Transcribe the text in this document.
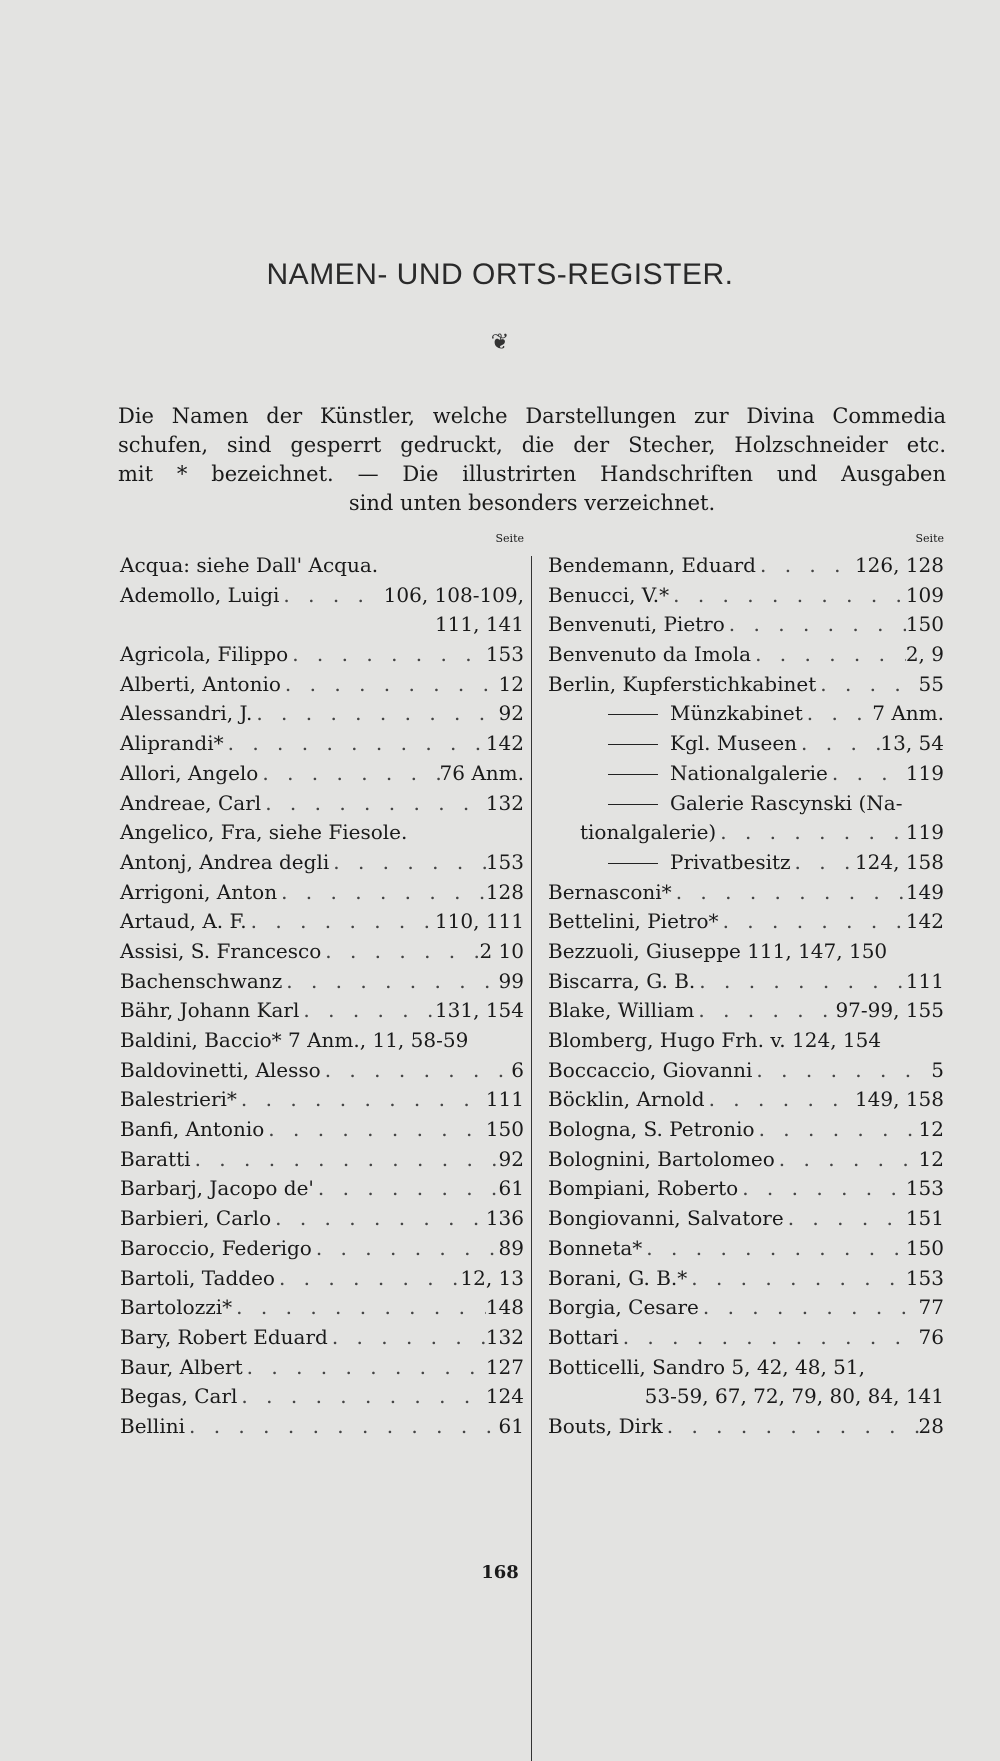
NAMEN- UND ORTS-REGISTER.
❦
Die Namen der Künstler, welche Darstellungen zur Divina Commedia
schufen, sind gesperrt gedruckt, die der Stecher, Holzschneider etc.
mit * bezeichnet. — Die illustrirten Handschriften und Ausgaben
sind unten besonders verzeichnet.
Seite
Acqua: siehe Dall' Acqua.
Ademollo, Luigi . . .	106, 108-109,
111, 141
Agricola, Filippo . . .	153
Alberti, Antonio . . .	12
Alessandri, J. . . .	92
Aliprandi* . . .	142
Allori, Angelo . . .	76 Anm.
Andreae, Carl . . .	132
Angelico, Fra, siehe Fiesole.
Antonj, Andrea degli . . .	153
Arrigoni, Anton . . .	128
Artaud, A. F. . . .	110, 111
Assisi, S. Francesco . . .	2 10
Bachenschwanz . . .	99
Bähr, Johann Karl . . .	131, 154
Baldini, Baccio* 7 Anm., 11, 58-59
Baldovinetti, Alesso . . .	6
Balestrieri* . . .	111
Banfi, Antonio . . .	150
Baratti . . .	92
Barbarj, Jacopo de' . . .	61
Barbieri, Carlo . . .	136
Baroccio, Federigo . . .	89
Bartoli, Taddeo . . .	12, 13
Bartolozzi* . . .	148
Bary, Robert Eduard . . .	132
Baur, Albert . . .	127
Begas, Carl . . .	124
Bellini . . .	61
Seite
Bendemann, Eduard . . .	126, 128
Benucci, V.* . . .	109
Benvenuti, Pietro . . .	150
Benvenuto da Imola . . .	2, 9
Berlin, Kupferstichkabinet . . .	55
Münzkabinet . . .	7 Anm.
Kgl. Museen . . .	13, 54
Nationalgalerie . . .	119
Galerie Rascynski (Na-
tionalgalerie) . . .	119
Privatbesitz . . .	124, 158
Bernasconi* . . .	149
Bettelini, Pietro* . . .	142
Bezzuoli, Giuseppe 111, 147, 150
Biscarra, G. B. . . .	111
Blake, William . . .	97-99, 155
Blomberg, Hugo Frh. v. 124, 154
Boccaccio, Giovanni . . .	5
Böcklin, Arnold . . .	149, 158
Bologna, S. Petronio . . .	12
Bolognini, Bartolomeo . . .	12
Bompiani, Roberto . . .	153
Bongiovanni, Salvatore . . .	151
Bonneta* . . .	150
Borani, G. B.* . . .	153
Borgia, Cesare . . .	77
Bottari . . .	76
Botticelli, Sandro 5, 42, 48, 51,
53-59, 67, 72, 79, 80, 84, 141
Bouts, Dirk . . .	28
168
